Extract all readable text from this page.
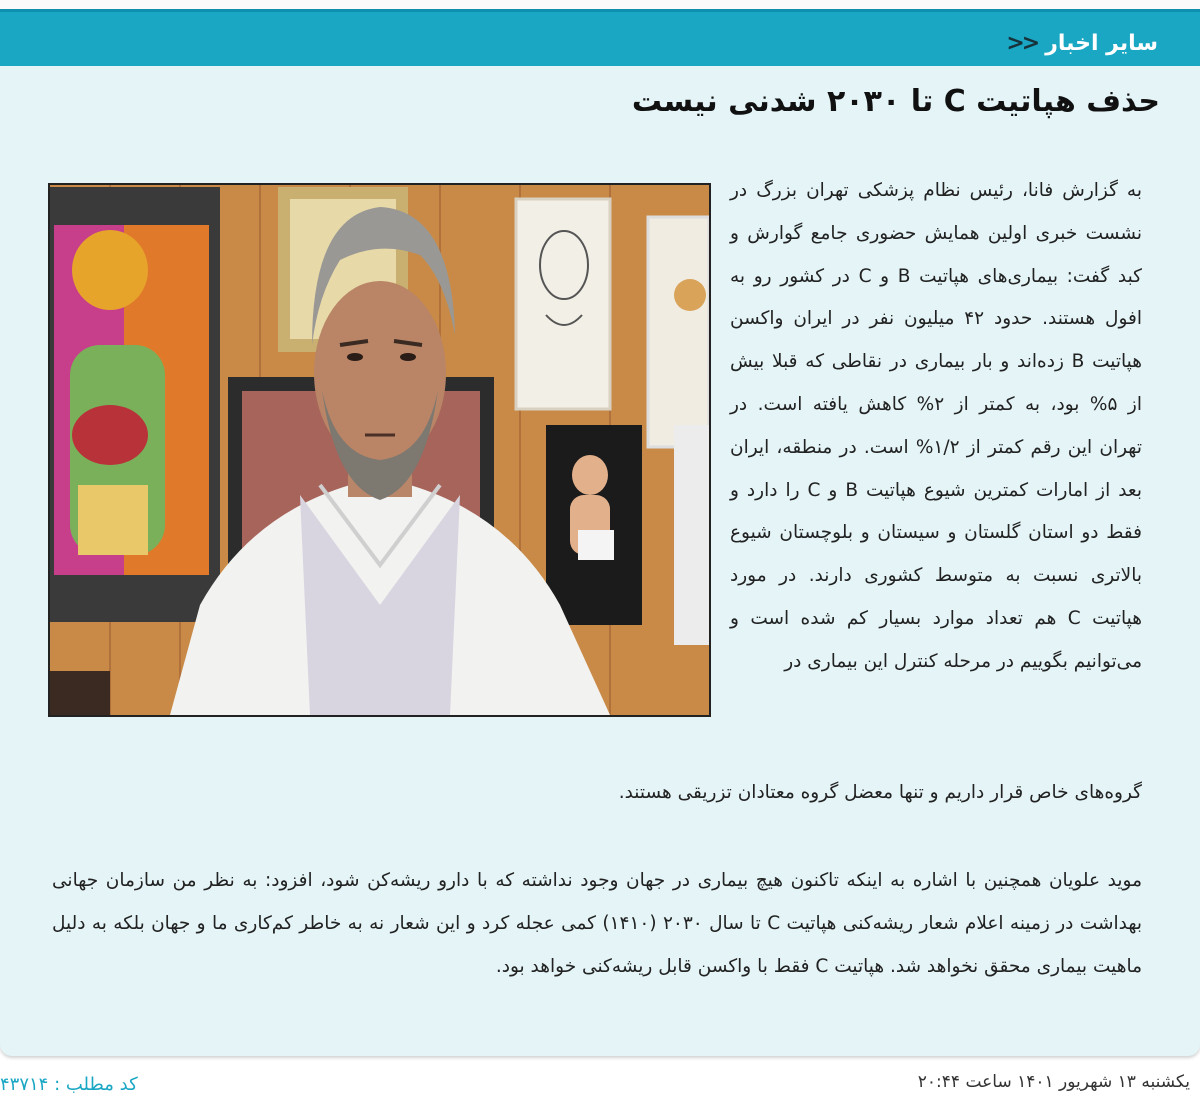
سایر اخبار
<<
حذف هپاتیت C تا ۲۰۳۰ شدنی نیست
به گزارش فانا، رئیس نظام پزشکی تهران بزرگ در نشست خبری اولین همایش حضوری جامع گوارش و کبد گفت: بیماری‌های هپاتیت B و C در کشور رو به افول هستند. حدود ۴۲ میلیون نفر در ایران واکسن هپاتیت B زده‌اند و بار بیماری در نقاطی که قبلا بیش از ۵% بود، به کمتر از ۲% کاهش یافته است. در تهران این رقم کمتر از ۱/۲% است. در منطقه، ایران بعد از امارات کمترین شیوع هپاتیت B و C را دارد و فقط دو استان گلستان و سیستان و بلوچستان شیوع بالاتری نسبت به متوسط کشوری دارند. در مورد هپاتیت C هم تعداد موارد بسیار کم شده است و می‌توانیم بگوییم در مرحله کنترل این بیماری در
گروه‌های خاص قرار داریم و تنها معضل گروه معتادان تزریقی هستند.
موید علویان همچنین با اشاره به اینکه تاکنون هیچ بیماری در جهان وجود نداشته که با دارو ریشه‌کن شود، افزود: به نظر من سازمان جهانی بهداشت در زمینه اعلام شعار ریشه‌کنی هپاتیت C تا سال ۲۰۳۰ (۱۴۱۰) کمی عجله کرد و این شعار نه به خاطر کم‌کاری ما و جهان بلکه به دلیل ماهیت بیماری محقق نخواهد شد. هپاتیت C فقط با واکسن قابل ریشه‌کنی خواهد بود.
یکشنبه ۱۳ شهریور ۱۴۰۱ ساعت ۲۰:۴۴
کد مطلب : ۴۳۷۱۴
